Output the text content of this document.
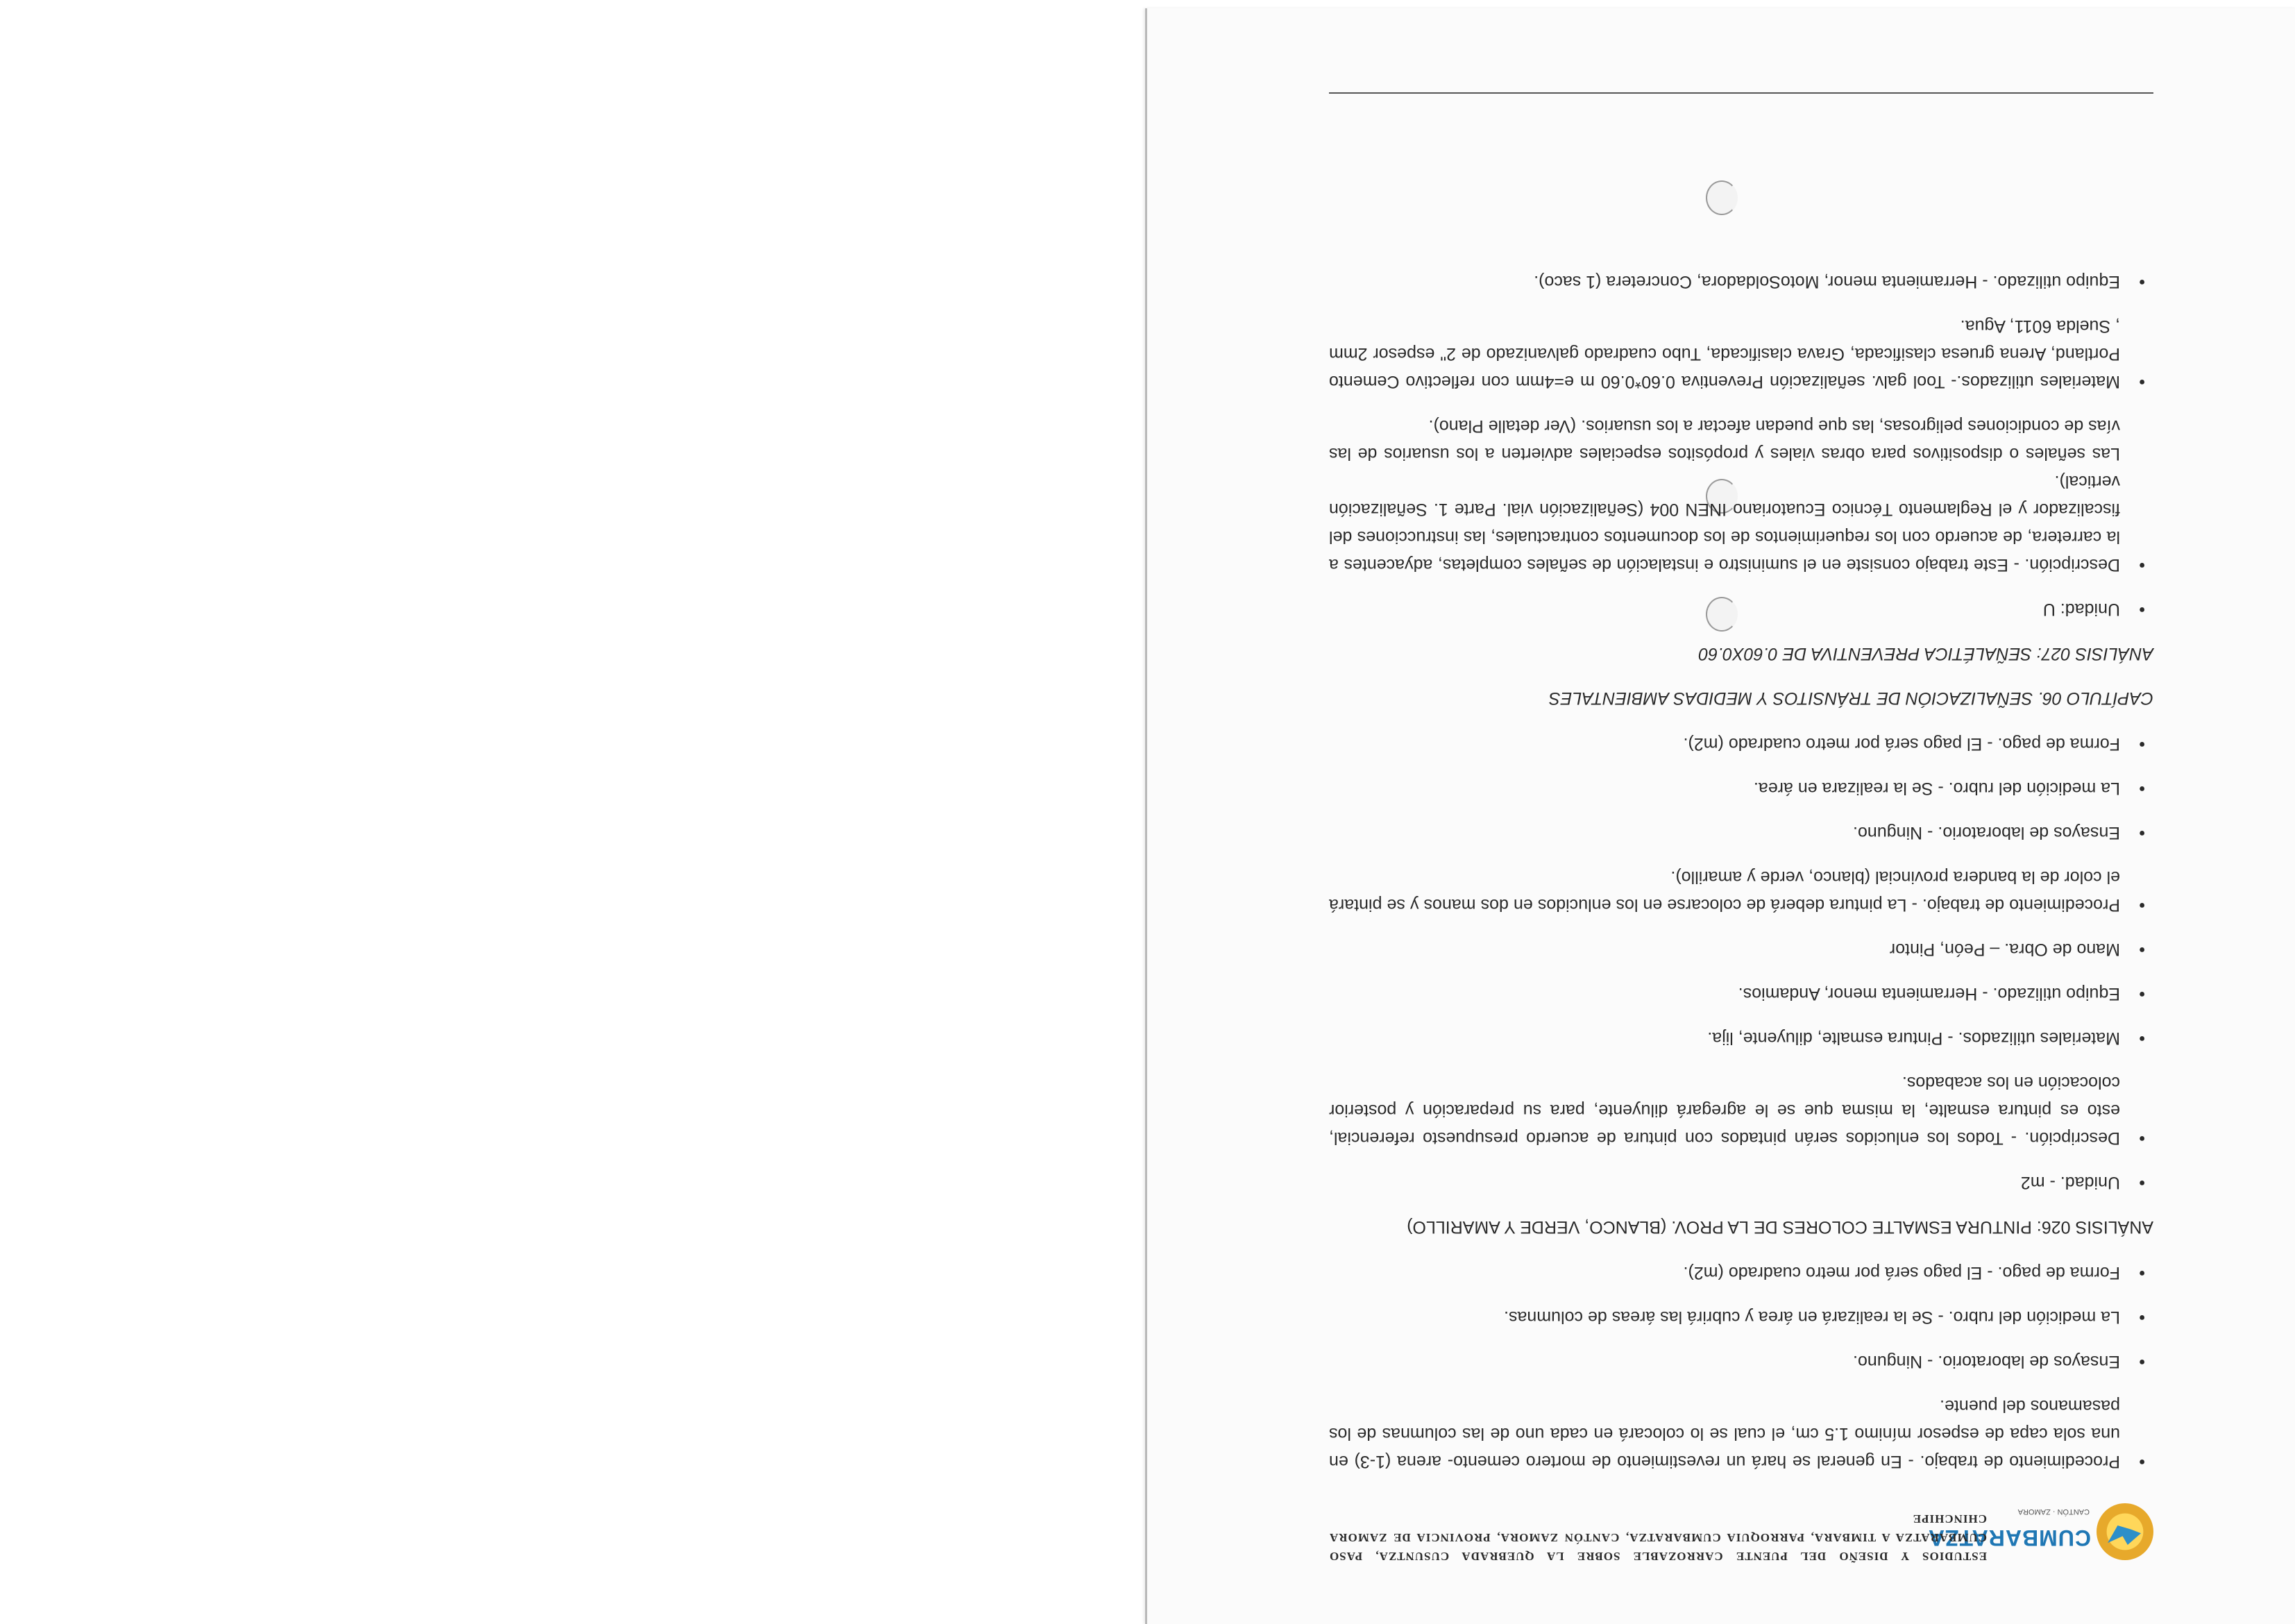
CUMBARATZA
CANTÓN · ZAMORA
ESTUDIOS Y DISEÑO DEL PUENTE CARROZABLE SOBRE LA QUEBRADA CUSUNTZA, PASO CUMBARATZA A TIMBARA, PARROQUIA CUMBARATZA, CANTÓN ZAMORA, PROVINCIA DE ZAMORA CHINCHIPE
• Procedimiento de trabajo. - En general se hará un revestimiento de mortero cemento- arena (1-3) en una sola capa de espesor mínimo 1.5 cm, el cual se lo colocará en cada uno de las columnas de los pasamanos del puente.
• Ensayos de laboratorio. - Ninguno.
• La medición del rubro. - Se la realizará en área y cubrirá las áreas de columnas.
• Forma de pago. - El pago será por metro cuadrado (m2).
ANÁLISIS 026: PINTURA ESMALTE COLORES DE LA PROV. (BLANCO, VERDE Y AMARILLO)
• Unidad. - m2
• Descripción. - Todos los enlucidos serán pintados con pintura de acuerdo presupuesto referencial, esto es pintura esmalte, la misma que se le agregará diluyente, para su preparación y posterior colocación en los acabados.
• Materiales utilizados. - Pintura esmalte, diluyente, lija.
• Equipo utilizado. - Herramienta menor, Andamios.
• Mano de Obra. – Peón, Pintor
• Procedimiento de trabajo. - La pintura deberá de colocarse en los enlucidos en dos manos y se pintará el color de la bandera provincial (blanco, verde y amarillo).
• Ensayos de laboratorio. - Ninguno.
• La medición del rubro. - Se la realizara en área.
• Forma de pago. - El pago será por metro cuadrado (m2).
CAPÍTULO 06. SEÑALIZACIÓN DE TRÁNSITOS Y MEDIDAS AMBIENTALES
ANÁLISIS 027: SEÑALÉTICA PREVENTIVA DE 0.60X0.60
• Unidad: U
• Descripción. - Este trabajo consiste en el suministro e instalación de señales completas, adyacentes a la carretera, de acuerdo con los requerimientos de los documentos contractuales, las instrucciones del fiscalizador y el Reglamento Técnico Ecuatoriano INEN 004 (Señalización vial. Parte 1. Señalización vertical).
Las señales o dispositivos para obras viales y propósitos especiales advierten a los usuarios de las vías de condiciones peligrosas, las que puedan afectar a los usuarios. (Ver detalle Plano).
• Materiales utilizados.- Tool galv. señalización Preventiva 0.60*0.60 m e=4mm con reflectivo Cemento Portland, Arena gruesa clasificada, Grava clasificada, Tubo cuadrado galvanizado de 2" espesor 2mm , Suelda 6011, Agua.
• Equipo utilizado. - Herramienta menor, MotoSoldadora, Concretera (1 saco).
